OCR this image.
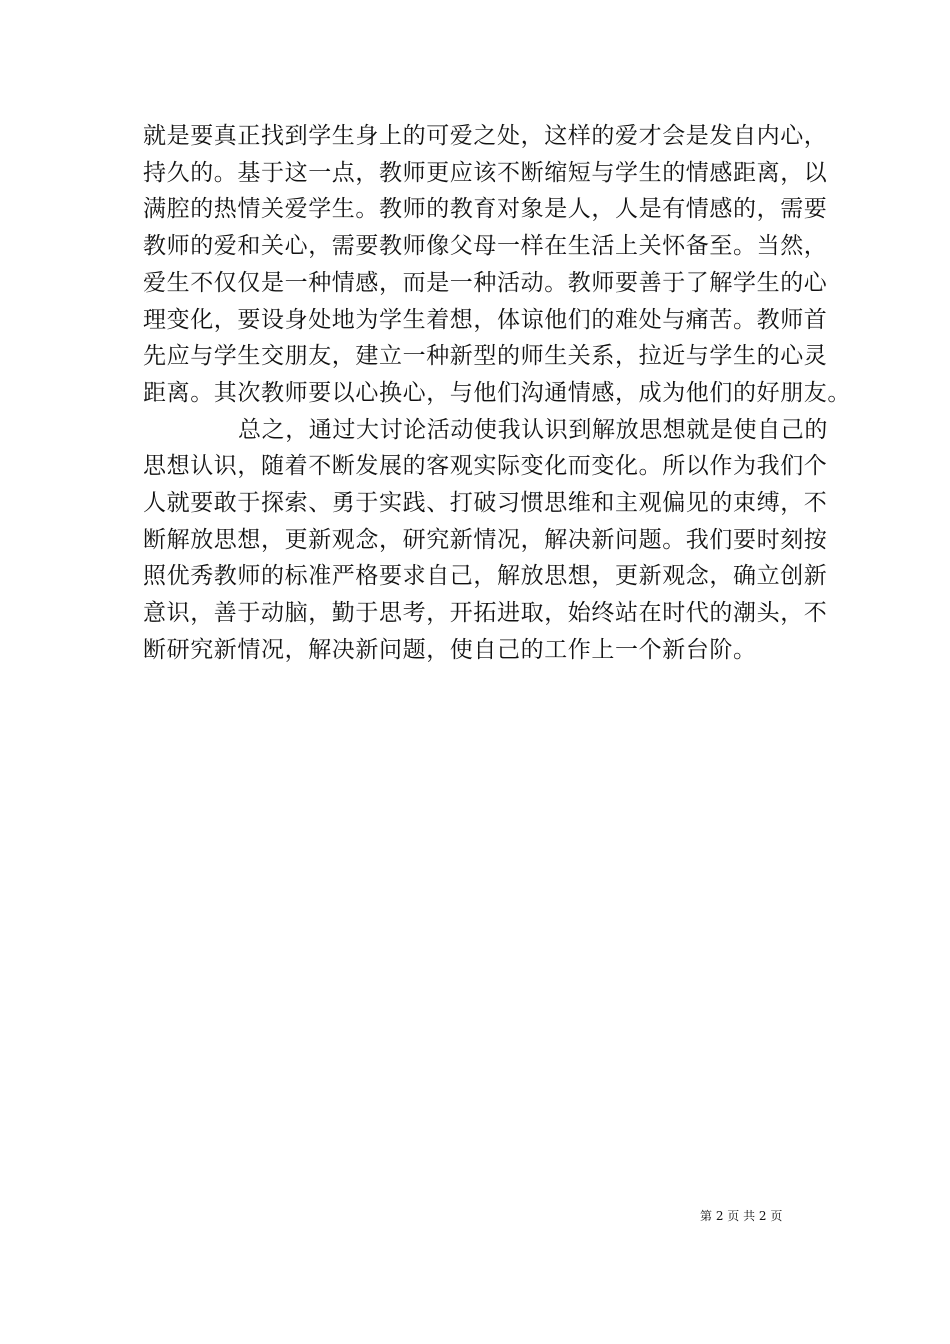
就是要真正找到学生身上的可爱之处，这样的爱才会是发自内心，
持久的。基于这一点，教师更应该不断缩短与学生的情感距离，以
满腔的热情关爱学生。教师的教育对象是人，人是有情感的，需要
教师的爱和关心，需要教师像父母一样在生活上关怀备至。当然，
爱生不仅仅是一种情感，而是一种活动。教师要善于了解学生的心
理变化，要设身处地为学生着想，体谅他们的难处与痛苦。教师首
先应与学生交朋友，建立一种新型的师生关系，拉近与学生的心灵
距离。其次教师要以心换心，与他们沟通情感，成为他们的好朋友。

总之，通过大讨论活动使我认识到解放思想就是使自己的
思想认识，随着不断发展的客观实际变化而变化。所以作为我们个
人就要敢于探索、勇于实践、打破习惯思维和主观偏见的束缚，不
断解放思想，更新观念，研究新情况，解决新问题。我们要时刻按
照优秀教师的标准严格要求自己，解放思想，更新观念，确立创新
意识，善于动脑，勤于思考，开拓进取，始终站在时代的潮头，不
断研究新情况，解决新问题，使自己的工作上一个新台阶。

第 2 页 共 2 页
